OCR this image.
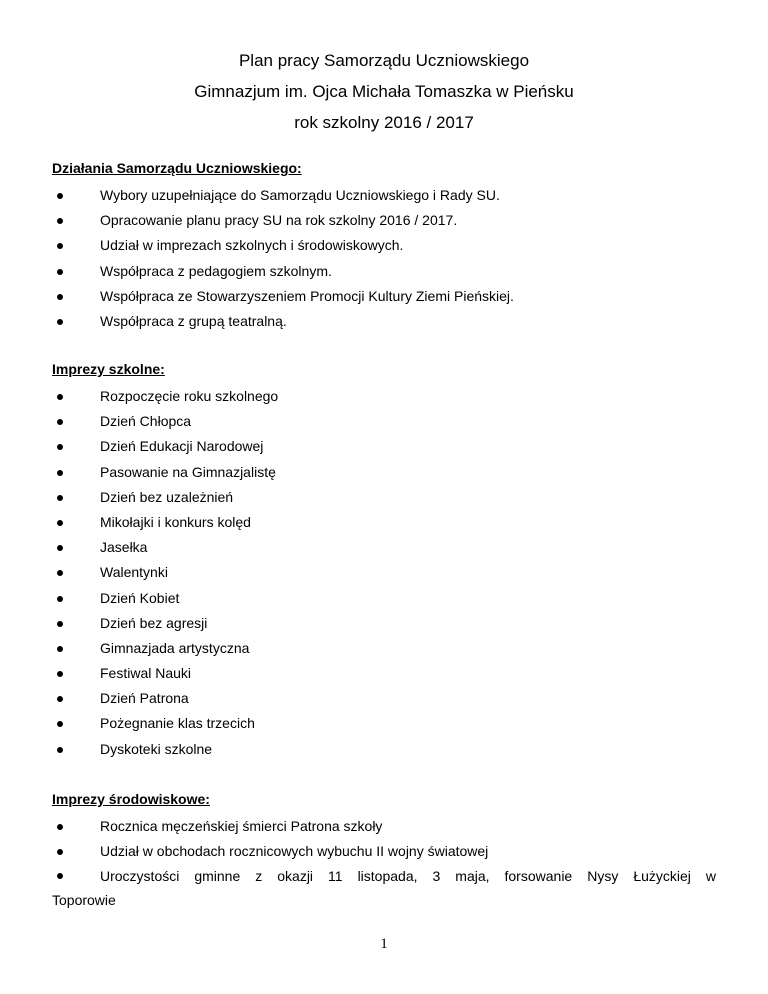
Plan pracy Samorządu Uczniowskiego
Gimnazjum im. Ojca Michała Tomaszka w Pieńsku
rok szkolny 2016 / 2017
Działania Samorządu Uczniowskiego:
Wybory uzupełniające do Samorządu Uczniowskiego i Rady SU.
Opracowanie planu pracy SU na rok szkolny 2016 / 2017.
Udział w imprezach szkolnych i środowiskowych.
Współpraca z pedagogiem szkolnym.
Współpraca ze Stowarzyszeniem Promocji Kultury Ziemi Pieńskiej.
Współpraca z grupą teatralną.
Imprezy szkolne:
Rozpoczęcie roku szkolnego
Dzień Chłopca
Dzień Edukacji Narodowej
Pasowanie na Gimnazjalistę
Dzień bez uzależnień
Mikołajki i konkurs kolęd
Jasełka
Walentynki
Dzień Kobiet
Dzień bez agresji
Gimnazjada artystyczna
Festiwal Nauki
Dzień Patrona
Pożegnanie klas trzecich
Dyskoteki szkolne
Imprezy środowiskowe:
Rocznica męczeńskiej śmierci Patrona szkoły
Udział w obchodach rocznicowych wybuchu II wojny światowej
Uroczystości gminne z okazji 11 listopada, 3 maja, forsowanie Nysy Łużyckiej w
Toporowie
1
